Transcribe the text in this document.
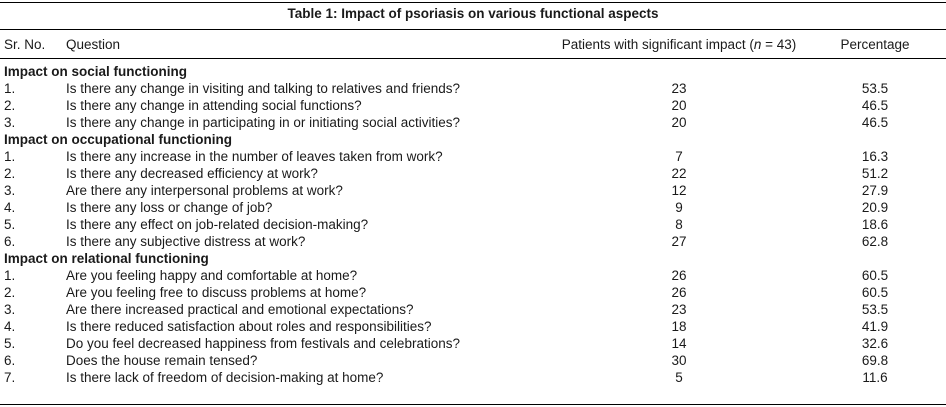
Table 1: Impact of psoriasis on various functional aspects
Sr. No.	Question	Patients with significant impact (n = 43)	Percentage

Impact on social functioning			
1.	Is there any change in visiting and talking to relatives and friends?	23	53.5
2.	Is there any change in attending social functions?	20	46.5
3.	Is there any change in participating in or initiating social activities?	20	46.5
Impact on occupational functioning			
1.	Is there any increase in the number of leaves taken from work?	7	16.3
2.	Is there any decreased efficiency at work?	22	51.2
3.	Are there any interpersonal problems at work?	12	27.9
4.	Is there any loss or change of job?	9	20.9
5.	Is there any effect on job-related decision-making?	8	18.6
6.	Is there any subjective distress at work?	27	62.8
Impact on relational functioning			
1.	Are you feeling happy and comfortable at home?	26	60.5
2.	Are you feeling free to discuss problems at home?	26	60.5
3.	Are there increased practical and emotional expectations?	23	53.5
4.	Is there reduced satisfaction about roles and responsibilities?	18	41.9
5.	Do you feel decreased happiness from festivals and celebrations?	14	32.6
6.	Does the house remain tensed?	30	69.8
7.	Is there lack of freedom of decision-making at home?	5	11.6
